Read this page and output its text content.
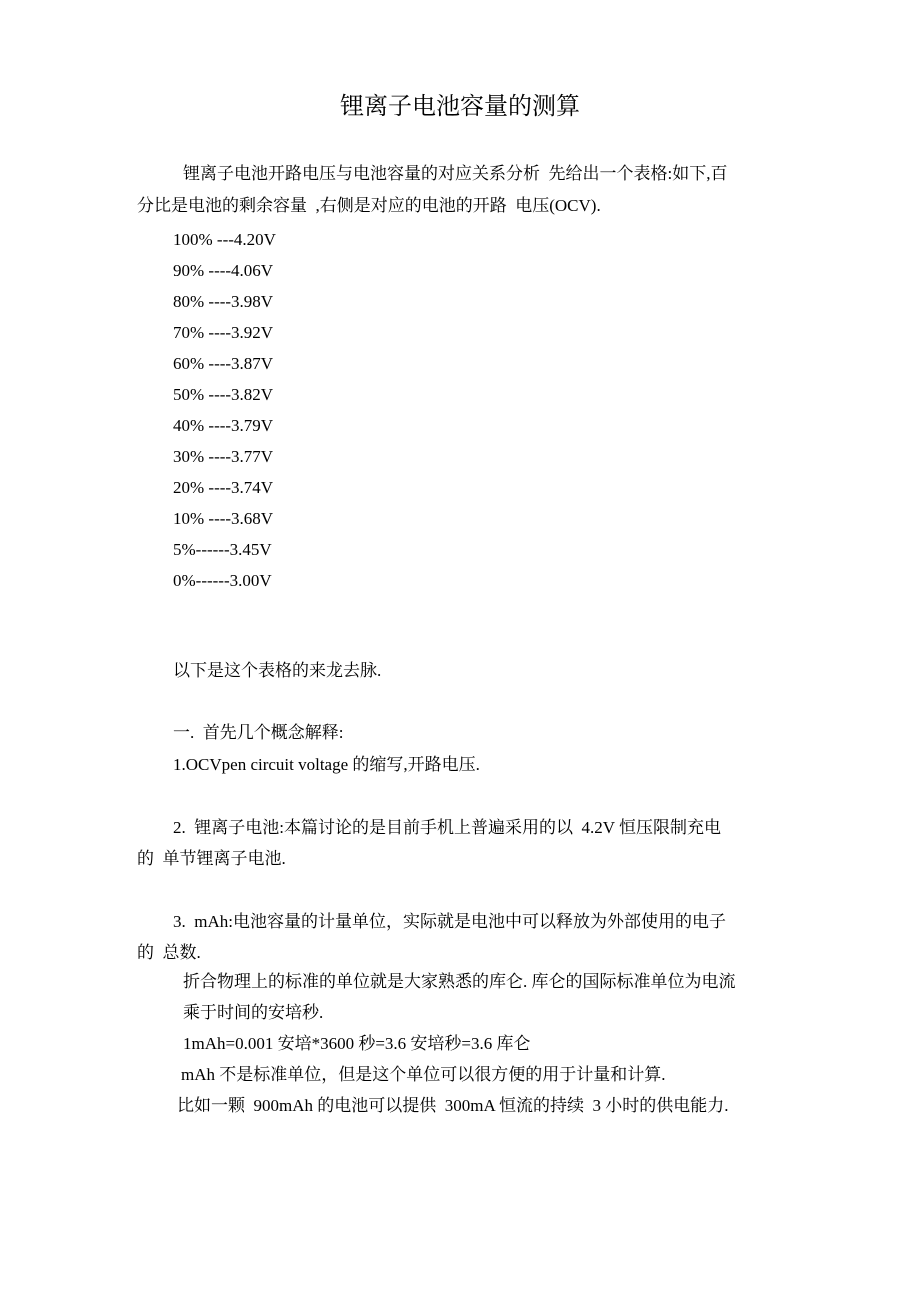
锂离子电池容量的测算
锂离子电池开路电压与电池容量的对应关系分析  先给出一个表格:如下,百
分比是电池的剩余容量  ,右侧是对应的电池的开路  电压(OCV).
100% ---4.20V
90% ----4.06V
80% ----3.98V
70% ----3.92V
60% ----3.87V
50% ----3.82V
40% ----3.79V
30% ----3.77V
20% ----3.74V
10% ----3.68V
5%------3.45V
0%------3.00V
以下是这个表格的来龙去脉.
一.  首先几个概念解释:
1.OCVpen circuit voltage 的缩写,开路电压.
2.  锂离子电池:本篇讨论的是目前手机上普遍采用的以  4.2V 恒压限制充电
的  单节锂离子电池.
3.  mAh:电池容量的计量单位，实际就是电池中可以释放为外部使用的电子
的  总数.
折合物理上的标准的单位就是大家熟悉的库仑. 库仑的国际标准单位为电流
乘于时间的安培秒.
1mAh=0.001 安培*3600 秒=3.6 安培秒=3.6 库仑
mAh 不是标准单位，但是这个单位可以很方便的用于计量和计算.
比如一颗  900mAh 的电池可以提供  300mA 恒流的持续  3 小时的供电能力.
